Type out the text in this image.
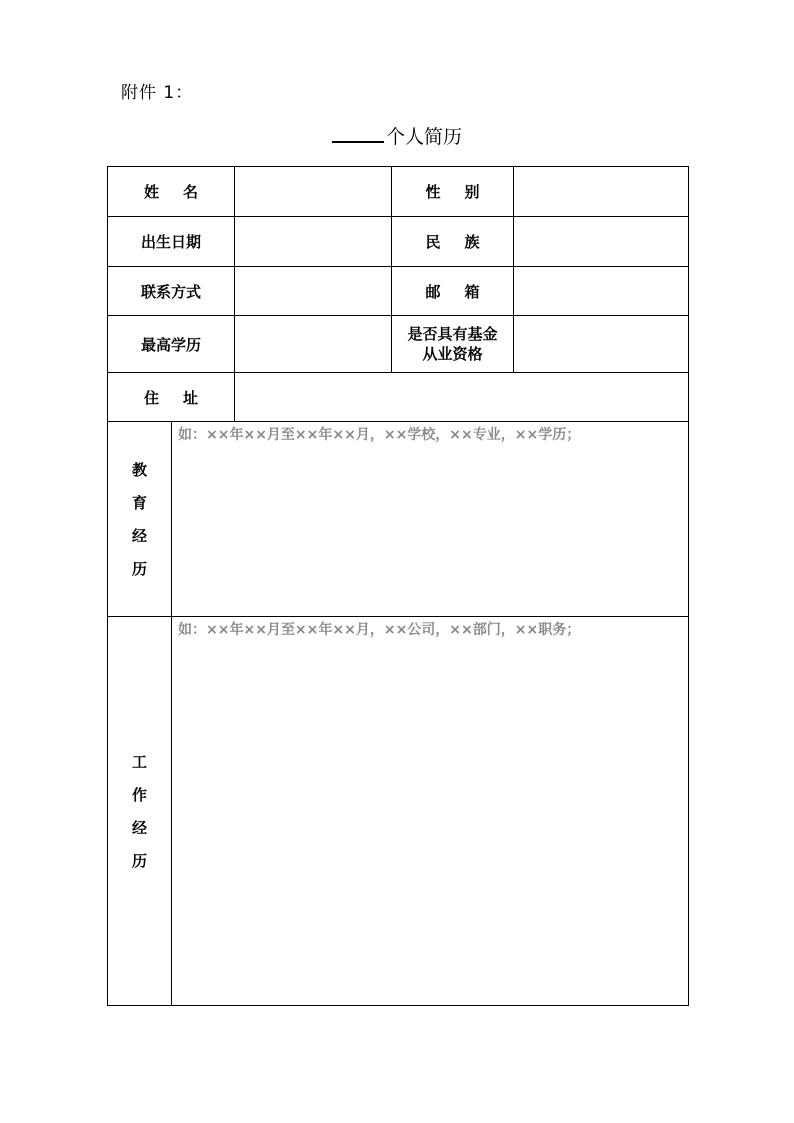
附件 1：
个人简历
姓名			性别	
出生日期			民族	
联系方式			邮箱	
最高学历			是否具有基金
从业资格	

住址				

教
育
经
历	如：××年××月至××年××月，××学校，××专业，××学历；			

工
作
经
历	如：××年××月至××年××月，××公司，××部门，××职务；			
